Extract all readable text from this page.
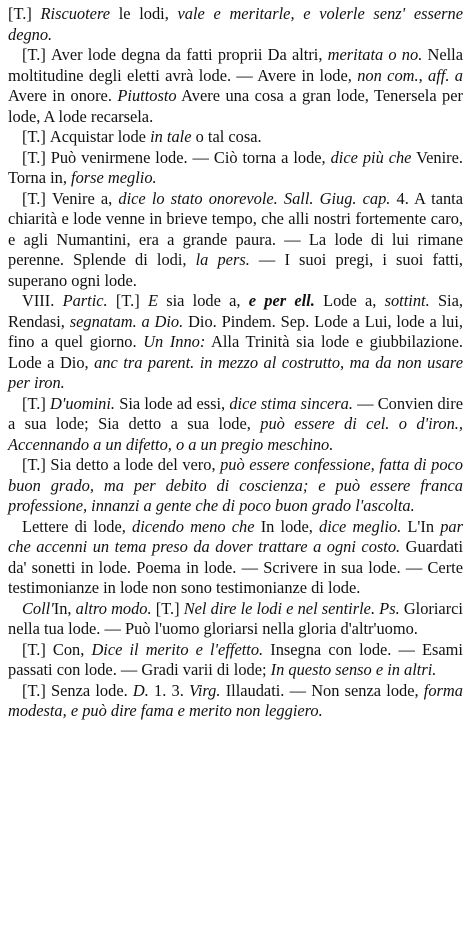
[T.] Riscuotere le lodi, vale e meritarle, e volerle senz' esserne degno.

[T.] Aver lode degna da fatti proprii Da altri, meritata o no. Nella moltitudine degli eletti avrà lode. — Avere in lode, non com., aff. a Avere in onore. Piuttosto Avere una cosa a gran lode, Tenersela per lode, A lode recarsela.

[T.] Acquistar lode in tale o tal cosa.

[T.] Può venirmene lode. — Ciò torna a lode, dice più che Venire. Torna in, forse meglio.

[T.] Venire a, dice lo stato onorevole. Sall. Giug. cap. 4. A tanta chiarità e lode venne in brieve tempo, che alli nostri fortemente caro, e agli Numantini, era a grande paura. — La lode di lui rimane perenne. Splende di lodi, la pers. — I suoi pregi, i suoi fatti, superano ogni lode.

VIII. Partic. [T.] E sia lode a, e per ell. Lode a, sottint. Sia, Rendasi, segnatam. a Dio. Dio. Pindem. Sep. Lode a Lui, lode a lui, fino a quel giorno. Un Inno: Alla Trinità sia lode e giubbilazione. Lode a Dio, anc tra parent. in mezzo al costrutto, ma da non usare per iron.

[T.] D'uomini. Sia lode ad essi, dice stima sincera. — Convien dire a sua lode; Sia detto a sua lode, può essere di cel. o d'iron., Accennando a un difetto, o a un pregio meschino.

[T.] Sia detto a lode del vero, può essere confessione, fatta di poco buon grado, ma per debito di coscienza; e può essere franca professione, innanzi a gente che di poco buon grado l'ascolta.

Lettere di lode, dicendo meno che In lode, dice meglio. L'In par che accenni un tema preso da dover trattare a ogni costo. Guardati da' sonetti in lode. Poema in lode. — Scrivere in sua lode. — Certe testimonianze in lode non sono testimonianze di lode.

Coll'In, altro modo. [T.] Nel dire le lodi e nel sentirle. Ps. Gloriarci nella tua lode. — Può l'uomo gloriarsi nella gloria d'altr'uomo.

[T.] Con, Dice il merito e l'effetto. Insegna con lode. — Esami passati con lode. — Gradi varii di lode; In questo senso e in altri.

[T.] Senza lode. D. 1. 3. Virg. Illaudati. — Non senza lode, forma modesta, e può dire fama e merito non leggiero.
